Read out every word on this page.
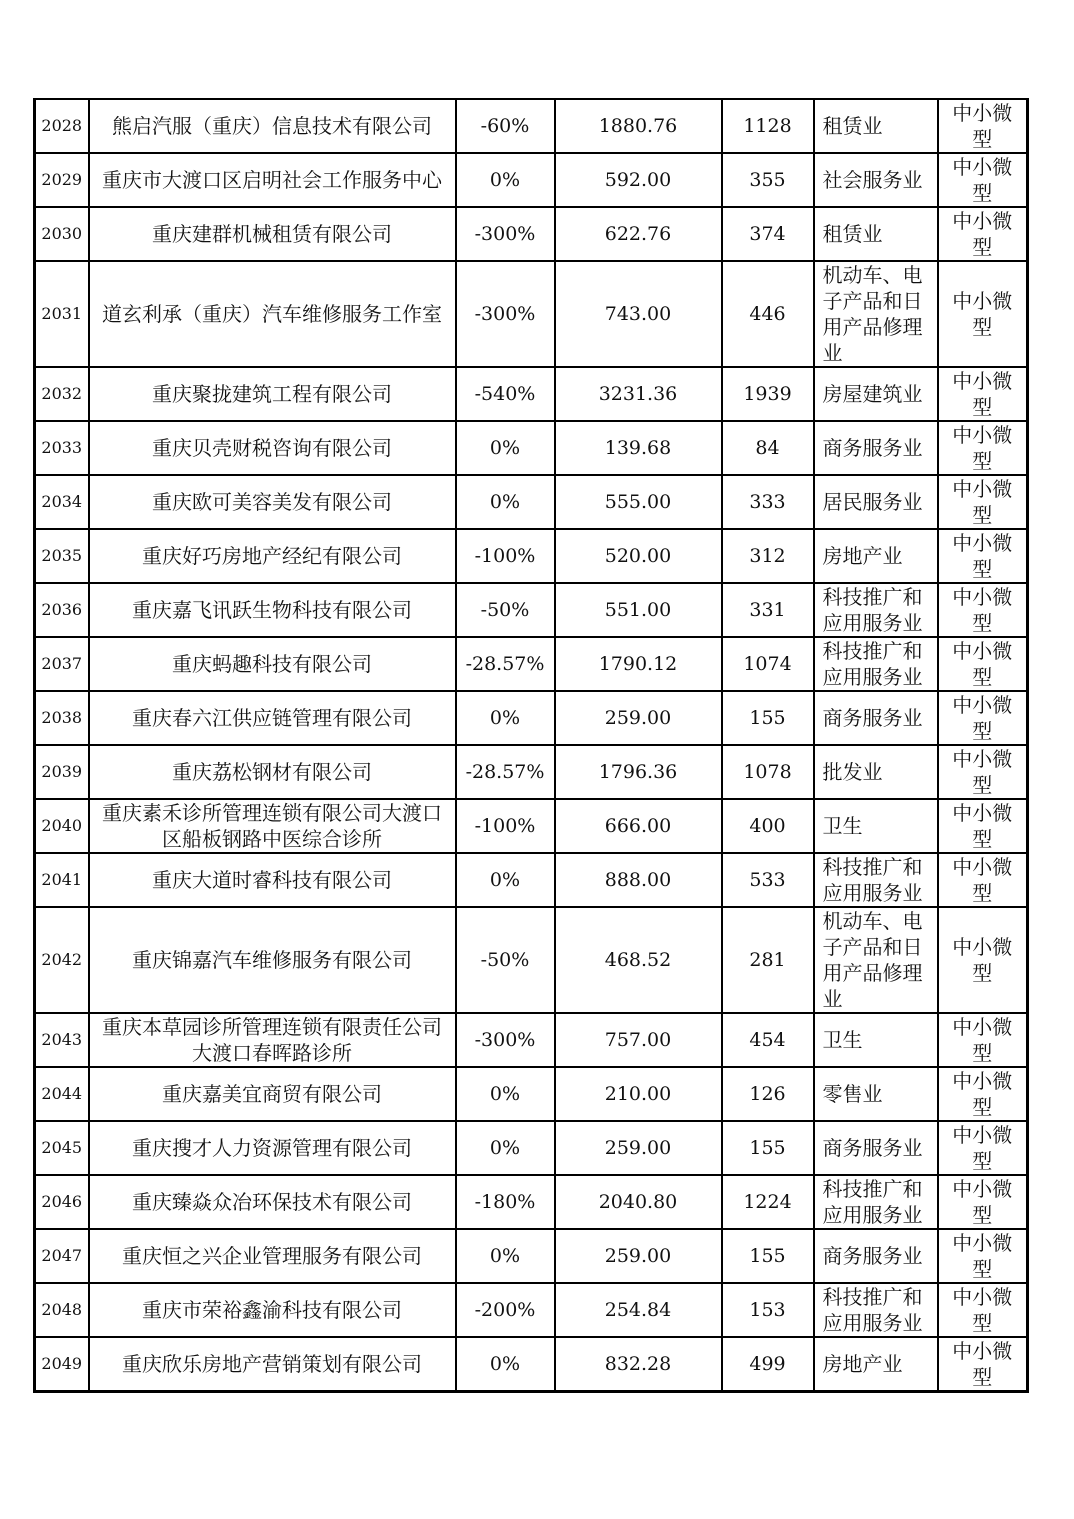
2028	熊启汽服（重庆）信息技术有限公司	-60%	1880.76	1128	租赁业	中小微型
2029	重庆市大渡口区启明社会工作服务中心	0%	592.00	355	社会服务业	中小微型
2030	重庆建群机械租赁有限公司	-300%	622.76	374	租赁业	中小微型
2031	道玄利承（重庆）汽车维修服务工作室	-300%	743.00	446	机动车、电子产品和日用产品修理业	中小微型
2032	重庆聚拢建筑工程有限公司	-540%	3231.36	1939	房屋建筑业	中小微型
2033	重庆贝壳财税咨询有限公司	0%	139.68	84	商务服务业	中小微型
2034	重庆欧可美容美发有限公司	0%	555.00	333	居民服务业	中小微型
2035	重庆好巧房地产经纪有限公司	-100%	520.00	312	房地产业	中小微型
2036	重庆嘉飞讯跃生物科技有限公司	-50%	551.00	331	科技推广和应用服务业	中小微型
2037	重庆蚂趣科技有限公司	-28.57%	1790.12	1074	科技推广和应用服务业	中小微型
2038	重庆春六江供应链管理有限公司	0%	259.00	155	商务服务业	中小微型
2039	重庆荔松钢材有限公司	-28.57%	1796.36	1078	批发业	中小微型
2040	重庆素禾诊所管理连锁有限公司大渡口区船板钢路中医综合诊所	-100%	666.00	400	卫生	中小微型
2041	重庆大道时睿科技有限公司	0%	888.00	533	科技推广和应用服务业	中小微型
2042	重庆锦嘉汽车维修服务有限公司	-50%	468.52	281	机动车、电子产品和日用产品修理业	中小微型
2043	重庆本草园诊所管理连锁有限责任公司大渡口春晖路诊所	-300%	757.00	454	卫生	中小微型
2044	重庆嘉美宜商贸有限公司	0%	210.00	126	零售业	中小微型
2045	重庆搜才人力资源管理有限公司	0%	259.00	155	商务服务业	中小微型
2046	重庆臻焱众冶环保技术有限公司	-180%	2040.80	1224	科技推广和应用服务业	中小微型
2047	重庆恒之兴企业管理服务有限公司	0%	259.00	155	商务服务业	中小微型
2048	重庆市荣裕鑫渝科技有限公司	-200%	254.84	153	科技推广和应用服务业	中小微型
2049	重庆欣乐房地产营销策划有限公司	0%	832.28	499	房地产业	中小微型
